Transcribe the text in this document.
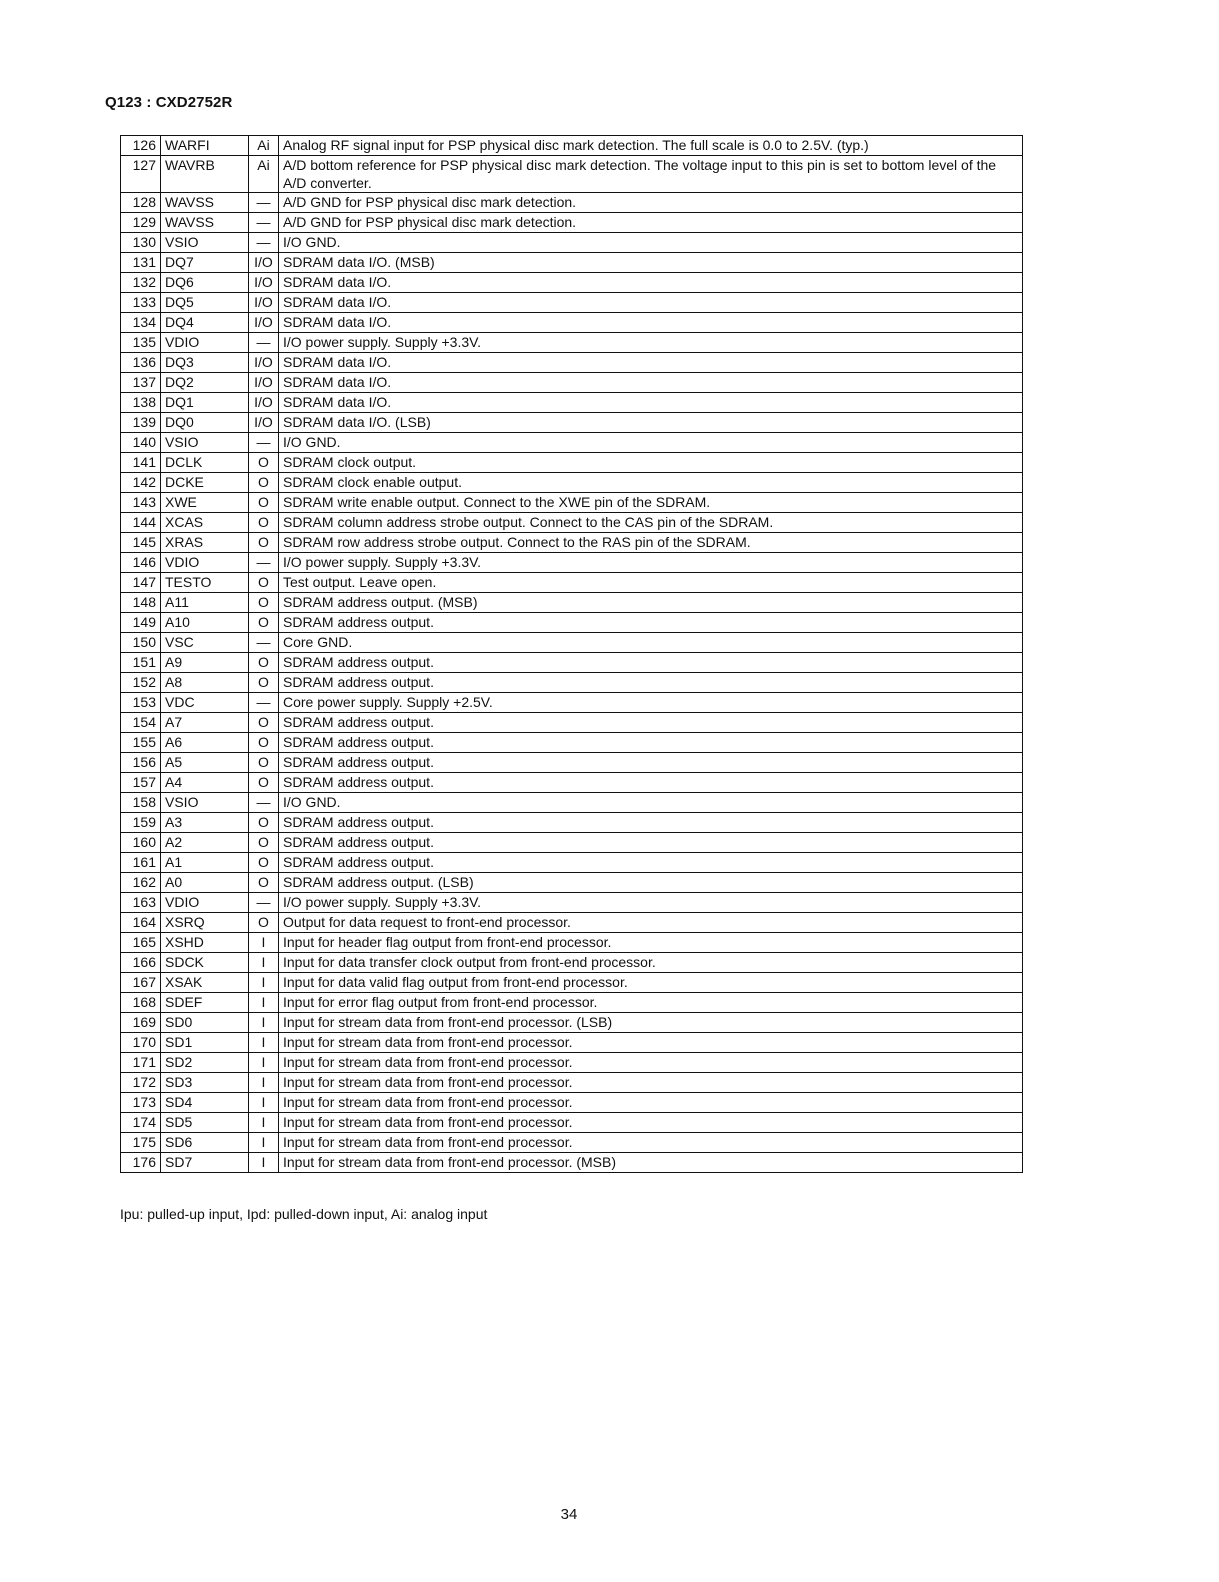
Q123 : CXD2752R
126	WARFI	Ai	Analog RF signal input for PSP physical disc mark detection. The full scale is 0.0 to 2.5V. (typ.)
127	WAVRB	Ai	A/D bottom reference for PSP physical disc mark detection. The voltage input to this pin is set to bottom level of the A/D converter.
128	WAVSS	—	A/D GND for PSP physical disc mark detection.
129	WAVSS	—	A/D GND for PSP physical disc mark detection.
130	VSIO	—	I/O GND.
131	DQ7	I/O	SDRAM data I/O. (MSB)
132	DQ6	I/O	SDRAM data I/O.
133	DQ5	I/O	SDRAM data I/O.
134	DQ4	I/O	SDRAM data I/O.
135	VDIO	—	I/O power supply. Supply +3.3V.
136	DQ3	I/O	SDRAM data I/O.
137	DQ2	I/O	SDRAM data I/O.
138	DQ1	I/O	SDRAM data I/O.
139	DQ0	I/O	SDRAM data I/O. (LSB)
140	VSIO	—	I/O GND.
141	DCLK	O	SDRAM clock output.
142	DCKE	O	SDRAM clock enable output.
143	XWE	O	SDRAM write enable output. Connect to the XWE pin of the SDRAM.
144	XCAS	O	SDRAM column address strobe output. Connect to the CAS pin of the SDRAM.
145	XRAS	O	SDRAM row address strobe output. Connect to the RAS pin of the SDRAM.
146	VDIO	—	I/O power supply. Supply +3.3V.
147	TESTO	O	Test output. Leave open.
148	A11	O	SDRAM address output. (MSB)
149	A10	O	SDRAM address output.
150	VSC	—	Core GND.
151	A9	O	SDRAM address output.
152	A8	O	SDRAM address output.
153	VDC	—	Core power supply. Supply +2.5V.
154	A7	O	SDRAM address output.
155	A6	O	SDRAM address output.
156	A5	O	SDRAM address output.
157	A4	O	SDRAM address output.
158	VSIO	—	I/O GND.
159	A3	O	SDRAM address output.
160	A2	O	SDRAM address output.
161	A1	O	SDRAM address output.
162	A0	O	SDRAM address output. (LSB)
163	VDIO	—	I/O power supply. Supply +3.3V.
164	XSRQ	O	Output for data request to front-end processor.
165	XSHD	I	Input for header flag output from front-end processor.
166	SDCK	I	Input for data transfer clock output from front-end processor.
167	XSAK	I	Input for data valid flag output from front-end processor.
168	SDEF	I	Input for error flag output from front-end processor.
169	SD0	I	Input for stream data from front-end processor. (LSB)
170	SD1	I	Input for stream data from front-end processor.
171	SD2	I	Input for stream data from front-end processor.
172	SD3	I	Input for stream data from front-end processor.
173	SD4	I	Input for stream data from front-end processor.
174	SD5	I	Input for stream data from front-end processor.
175	SD6	I	Input for stream data from front-end processor.
176	SD7	I	Input for stream data from front-end processor. (MSB)
Ipu: pulled-up input, Ipd: pulled-down input, Ai: analog input
34
